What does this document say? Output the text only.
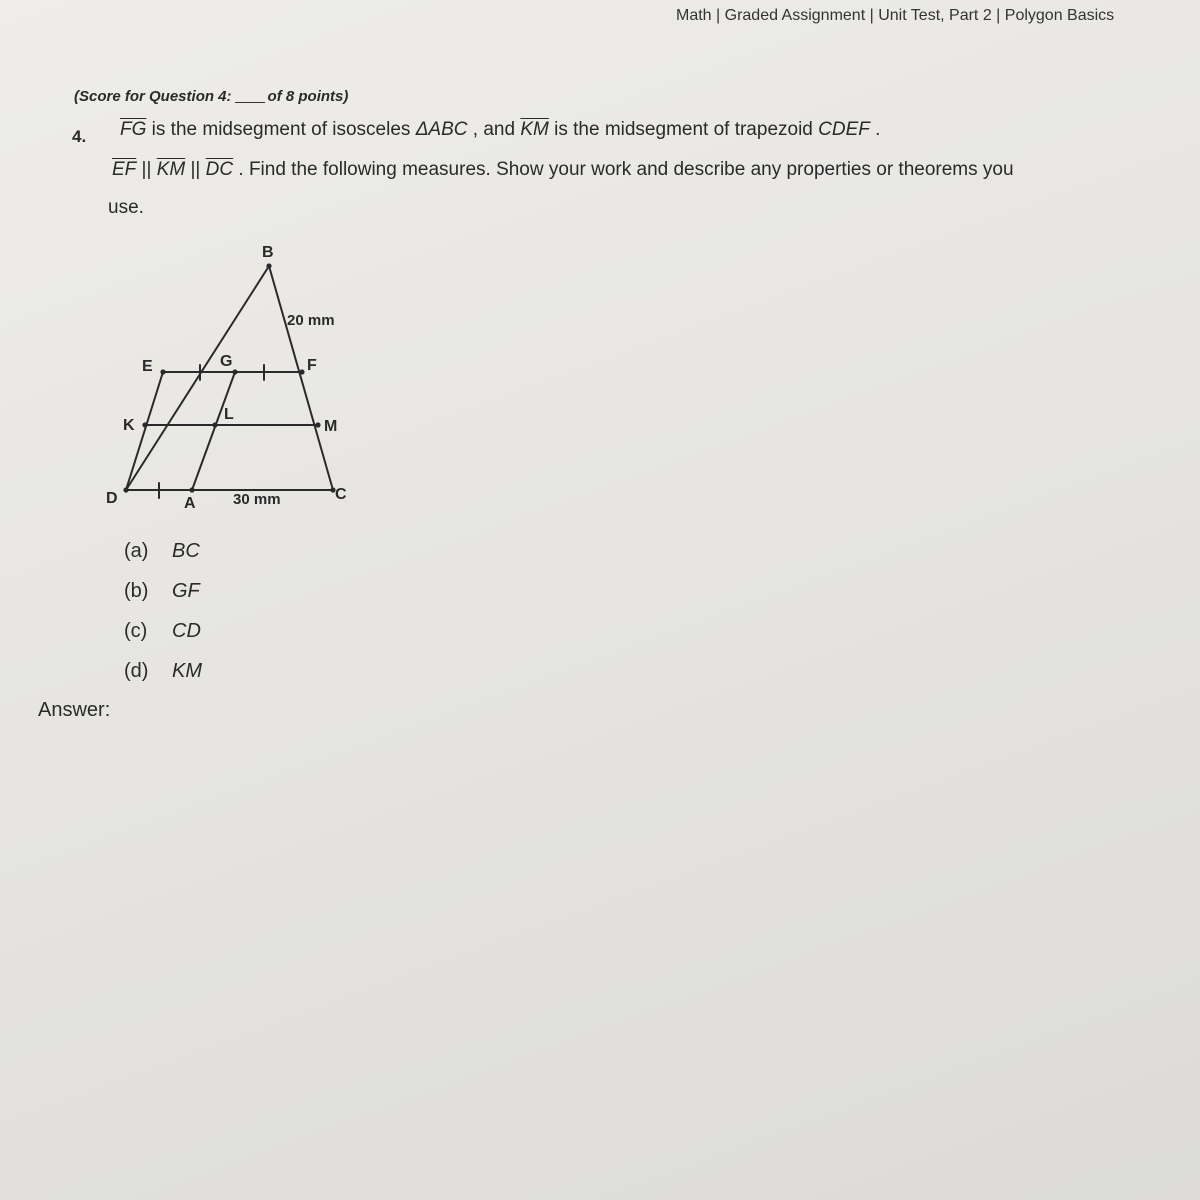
Math | Graded Assignment | Unit Test, Part 2 | Polygon Basics
(Score for Question 4: of 8 points)
4. $\overline{FG}$ is the midsegment of isosceles ΔABC , and $\overline{KM}$ is the midsegment of trapezoid CDEF .
$\overline{EF}$ || $\overline{KM}$ || $\overline{DC}$ . Find the following measures. Show your work and describe any properties or theorems you
use.
B
E	G	F
K
L
M
D	A
C
20 mm
30 mm
(a) BC
(b) GF
(c) CD
(d) KM
Answer:
